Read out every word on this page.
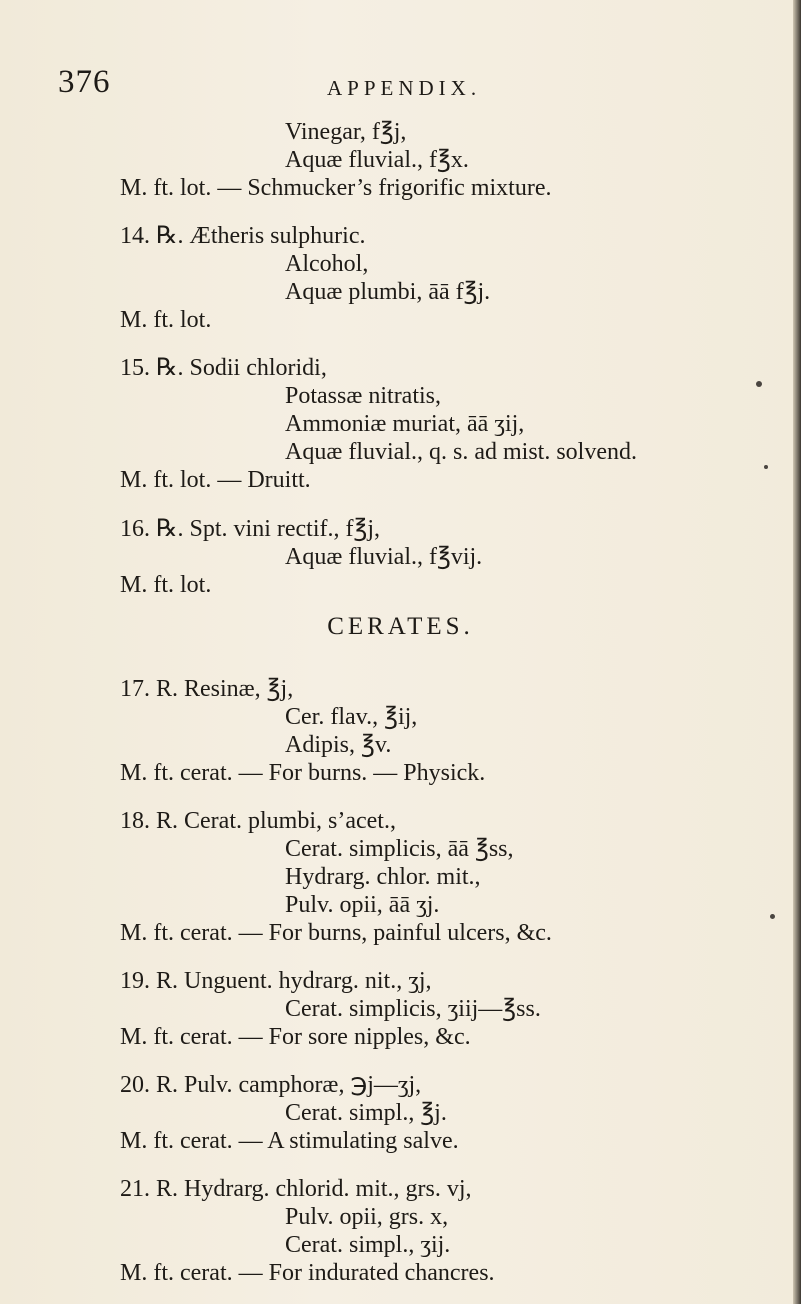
376	APPENDIX.
Vinegar, f℥j,
Aquæ fluvial., f℥x.
M. ft. lot. — Schmucker’s frigorific mixture.
14. ℞. Ætheris sulphuric.
Alcohol,
Aquæ plumbi, āā f℥j.
M. ft. lot.
15. ℞. Sodii chloridi,
Potassæ nitratis,
Ammoniæ muriat, āā ʒij,
Aquæ fluvial., q. s. ad mist. solvend.
M. ft. lot. — Druitt.
16. ℞. Spt. vini rectif., f℥j,
Aquæ fluvial., f℥vij.
M. ft. lot.
CERATES.
17. R. Resinæ, ℥j,
Cer. flav., ℥ij,
Adipis, ℥v.
M. ft. cerat. — For burns. — Physick.
18. R. Cerat. plumbi, s’acet.,
Cerat. simplicis, āā ℥ss,
Hydrarg. chlor. mit.,
Pulv. opii, āā ʒj.
M. ft. cerat. — For burns, painful ulcers, &c.
19. R. Unguent. hydrarg. nit., ʒj,
Cerat. simplicis, ʒiij—℥ss.
M. ft. cerat. — For sore nipples, &c.
20. R. Pulv. camphoræ, ℈j—ʒj,
Cerat. simpl., ℥j.
M. ft. cerat. — A stimulating salve.
21. R. Hydrarg. chlorid. mit., grs. vj,
Pulv. opii, grs. x,
Cerat. simpl., ʒij.
M. ft. cerat. — For indurated chancres.
